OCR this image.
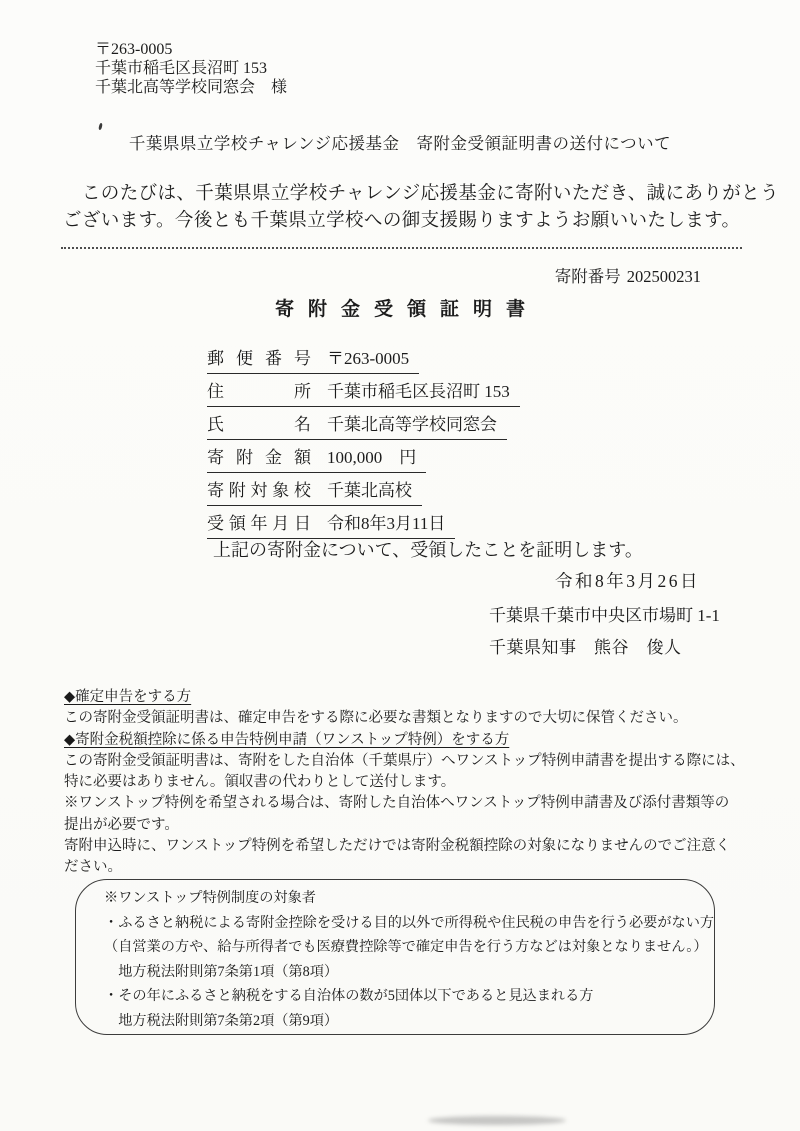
〒263-0005
千葉市稲毛区長沼町 153
千葉北高等学校同窓会　様
千葉県県立学校チャレンジ応援基金　寄附金受領証明書の送付について
　このたびは、千葉県県立学校チャレンジ応援基金に寄附いただき、誠にありがとう
ございます。今後とも千葉県立学校への御支援賜りますようお願いいたします。
寄附番号 202500231
寄附金受領証明書
郵便番号 〒263-0005
住所 千葉市稲毛区長沼町 153
氏名 千葉北高等学校同窓会
寄附金額 100,000　円
寄附対象校 千葉北高校
受領年月日 令和8年3月11日
上記の寄附金について、受領したことを証明します。
令和8年3月26日
千葉県千葉市中央区市場町 1-1
千葉県知事　熊谷　俊人
◆確定申告をする方
この寄附金受領証明書は、確定申告をする際に必要な書類となりますので大切に保管ください。
◆寄附金税額控除に係る申告特例申請（ワンストップ特例）をする方
この寄附金受領証明書は、寄附をした自治体（千葉県庁）へワンストップ特例申請書を提出する際には、
特に必要はありません。領収書の代わりとして送付します。
※ワンストップ特例を希望される場合は、寄附した自治体へワンストップ特例申請書及び添付書類等の
提出が必要です。
寄附申込時に、ワンストップ特例を希望しただけでは寄附金税額控除の対象になりませんのでご注意く
ださい。
※ワンストップ特例制度の対象者
・ふるさと納税による寄附金控除を受ける目的以外で所得税や住民税の申告を行う必要がない方
（自営業の方や、給与所得者でも医療費控除等で確定申告を行う方などは対象となりません。）
　地方税法附則第7条第1項（第8項）
・その年にふるさと納税をする自治体の数が5団体以下であると見込まれる方
　地方税法附則第7条第2項（第9項）
